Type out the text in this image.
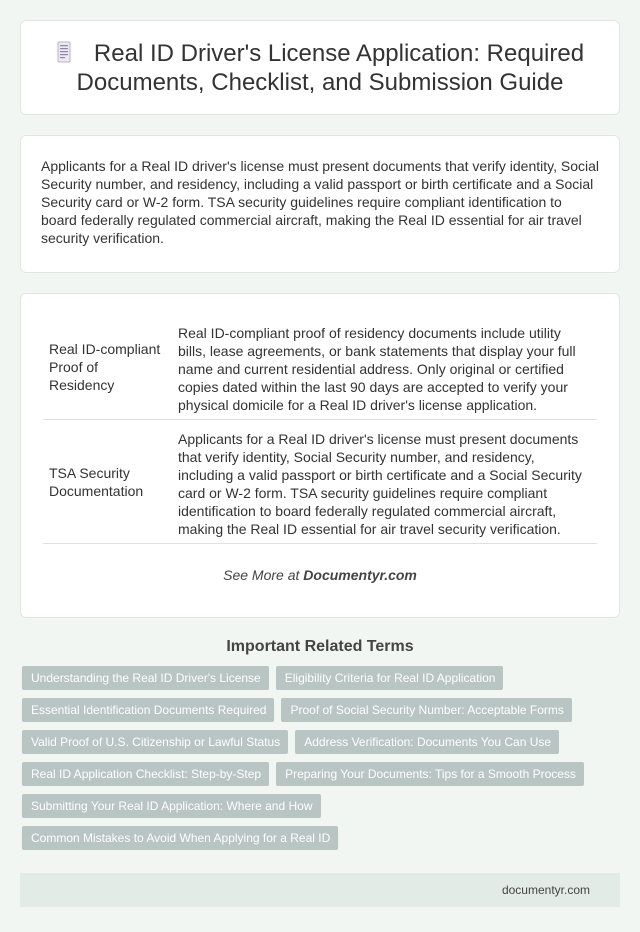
Real ID Driver's License Application: Required Documents, Checklist, and Submission Guide

Applicants for a Real ID driver's license must present documents that verify identity, Social Security number, and residency, including a valid passport or birth certificate and a Social Security card or W-2 form. TSA security guidelines require compliant identification to board federally regulated commercial aircraft, making the Real ID essential for air travel security verification.

Real ID-compliant Proof of Residency	Real ID-compliant proof of residency documents include utility bills, lease agreements, or bank statements that display your full name and current residential address. Only original or certified copies dated within the last 90 days are accepted to verify your physical domicile for a Real ID driver's license application.
TSA Security Documentation	Applicants for a Real ID driver's license must present documents that verify identity, Social Security number, and residency, including a valid passport or birth certificate and a Social Security card or W-2 form. TSA security guidelines require compliant identification to board federally regulated commercial aircraft, making the Real ID essential for air travel security verification.

See More at Documentyr.com

Important Related Terms
Understanding the Real ID Driver's License	Eligibility Criteria for Real ID Application
Essential Identification Documents Required	Proof of Social Security Number: Acceptable Forms
Valid Proof of U.S. Citizenship or Lawful Status	Address Verification: Documents You Can Use
Real ID Application Checklist: Step-by-Step	Preparing Your Documents: Tips for a Smooth Process
Submitting Your Real ID Application: Where and How
Common Mistakes to Avoid When Applying for a Real ID
documentyr.com
